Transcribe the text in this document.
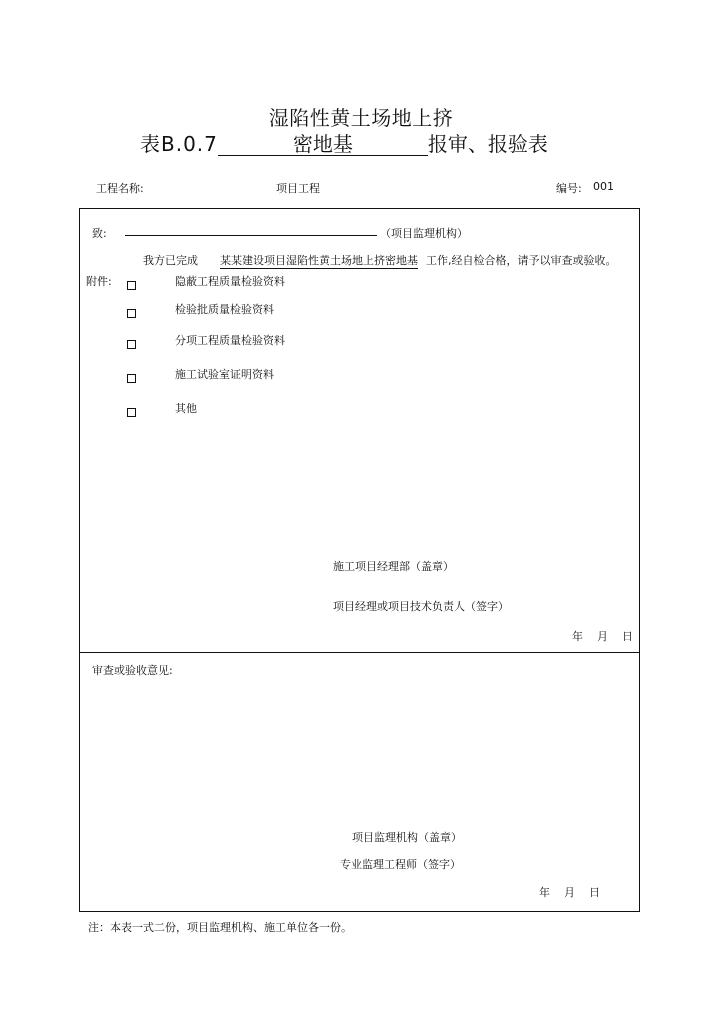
湿陷性黄土场地上挤
表B.0.7	密地基	报审、报验表
工程名称:	项目工程	编号: 001
致:	（项目监理机构）
我方已完成 某某建设项目湿陷性黄土场地上挤密地基 工作,经自检合格，请予以审查或验收。
附件:	隐蔽工程质量检验资料
检验批质量检验资料
分项工程质量检验资料
施工试验室证明资料
其他
施工项目经理部（盖章）
项目经理或项目技术负责人（签字）
年    月    日
审查或验收意见:
项目监理机构（盖章）
专业监理工程师（签字）
年    月    日
注：本表一式二份，项目监理机构、施工单位各一份。
